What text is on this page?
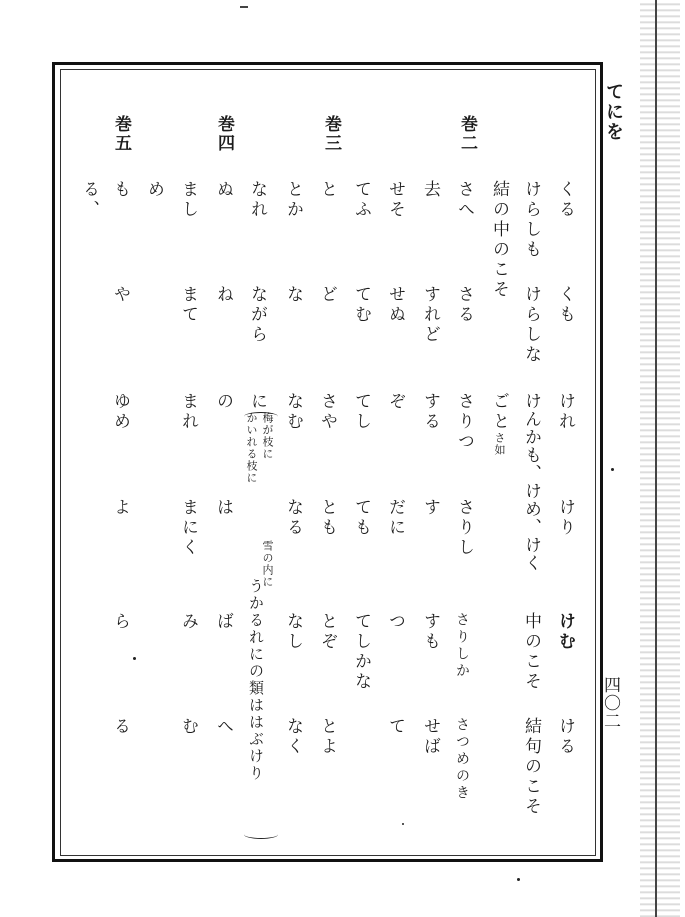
てにを
四〇二
くる
くも
けれ
けり
けむ
ける
けらしも
けらしな
けんかも、けめ、けく
中のこそ
結句のこそ
結の中のこそ
ごと
さ如
巻二
さへ
さる
さりつ
さりし
さりしか
さつめのき
去
すれど
する
す
すも
せば
せそ
せぬ
ぞ
だに
つ
て
てふ
てむ
てし
ても
てしかな
巻三
と
ど
さや
とも
とぞ
とよ
とか
な
なむ
なる
なし
なく
なれ
ながら
に
梅が枝に
かいれる枝に
雪の内に
うかるれにの類ははぶけり
巻四
ぬ
ね
の
は
ば
へ
まし
まて
まれ
まにく
み
む
め
巻五
も
や
ゆめ
よ
ら
る
る、
